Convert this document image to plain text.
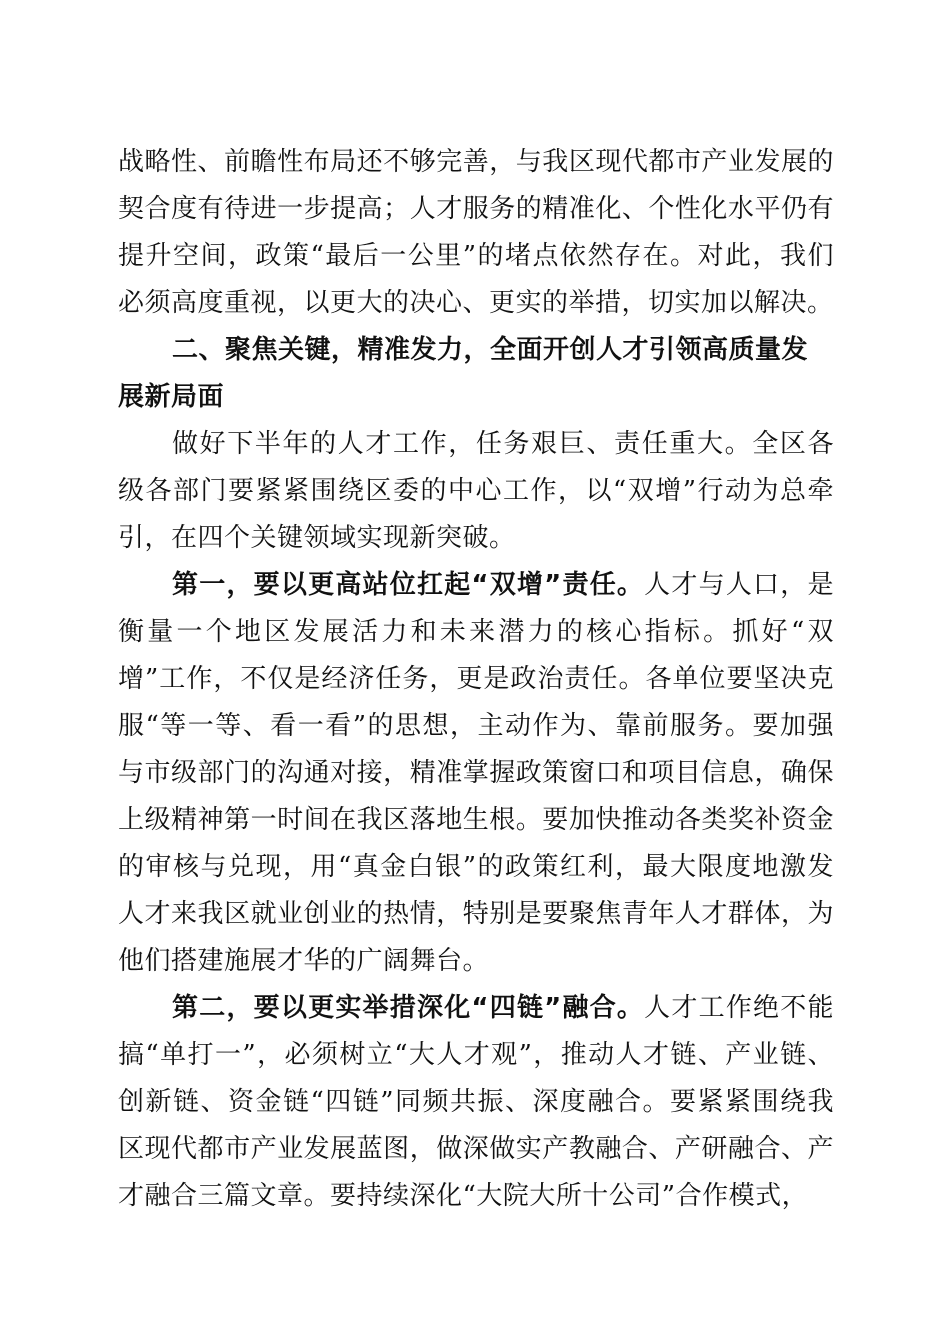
战略性、前瞻性布局还不够完善，与我区现代都市产业发展的契合度有待进一步提高；人才服务的精准化、个性化水平仍有提升空间，政策“最后一公里”的堵点依然存在。对此，我们必须高度重视，以更大的决心、更实的举措，切实加以解决。

二、聚焦关键，精准发力，全面开创人才引领高质量发展新局面

做好下半年的人才工作，任务艰巨、责任重大。全区各级各部门要紧紧围绕区委的中心工作，以“双增”行动为总牵引，在四个关键领域实现新突破。

第一，要以更高站位扛起“双增”责任。人才与人口，是衡量一个地区发展活力和未来潜力的核心指标。抓好“双增”工作，不仅是经济任务，更是政治责任。各单位要坚决克服“等一等、看一看”的思想，主动作为、靠前服务。要加强与市级部门的沟通对接，精准掌握政策窗口和项目信息，确保上级精神第一时间在我区落地生根。要加快推动各类奖补资金的审核与兑现，用“真金白银”的政策红利，最大限度地激发人才来我区就业创业的热情，特别是要聚焦青年人才群体，为他们搭建施展才华的广阔舞台。

第二，要以更实举措深化“四链”融合。人才工作绝不能搞“单打一”，必须树立“大人才观”，推动人才链、产业链、创新链、资金链“四链”同频共振、深度融合。要紧紧围绕我区现代都市产业发展蓝图，做深做实产教融合、产研融合、产才融合三篇文章。要持续深化“大院大所十公司”合作模式，
